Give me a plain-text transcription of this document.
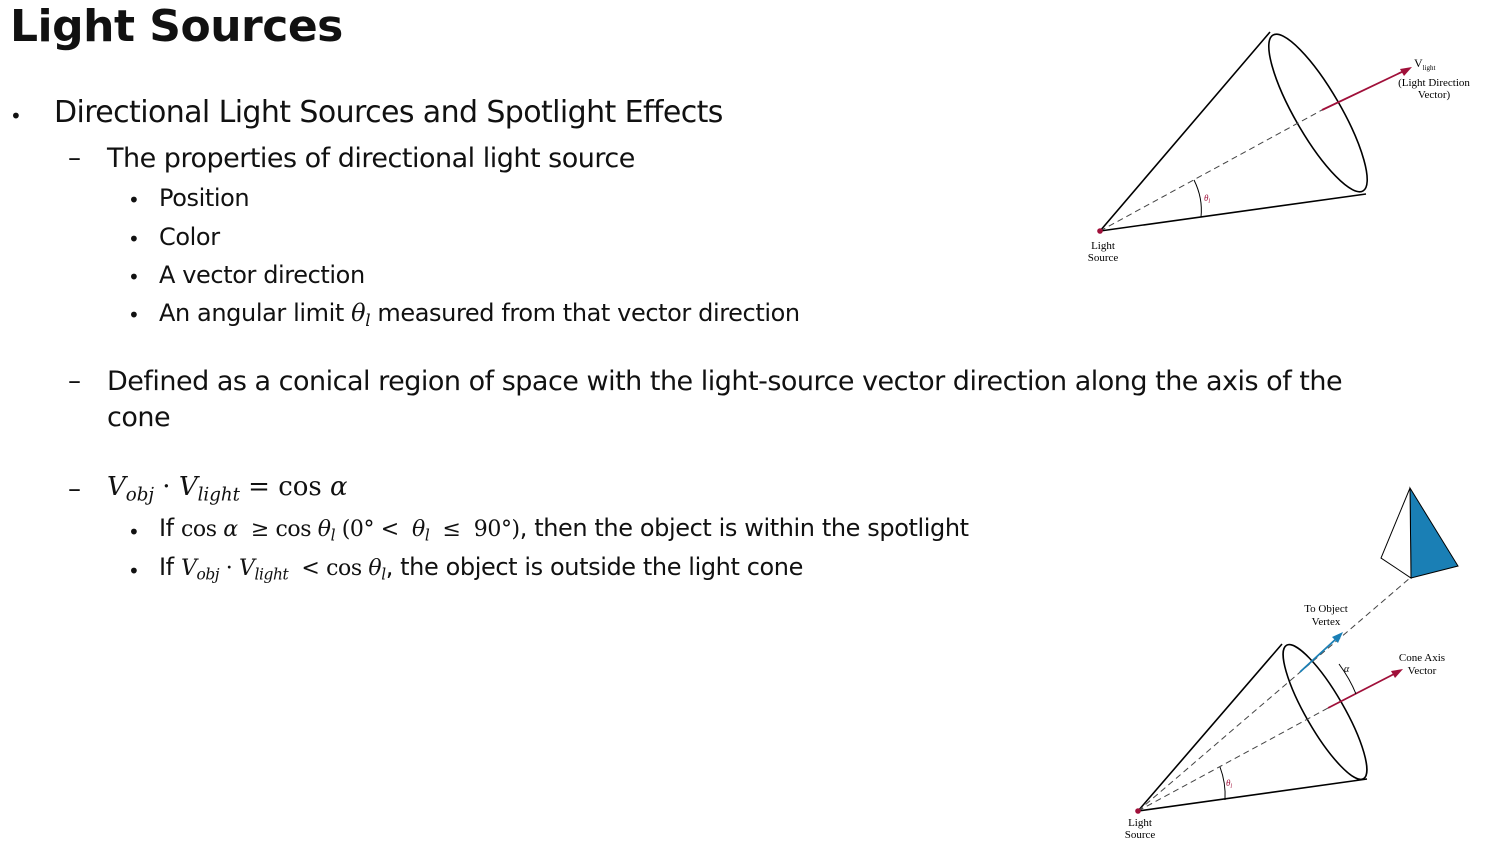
Light Sources
• Directional Light Sources and Spotlight Effects
– The properties of directional light source
• Position
• Color
• A vector direction
• An angular limit $\theta_l$ measured from that vector direction
– Defined as a conical region of space with the light-source vector direction along the axis of the
cone
– $V_{obj} \cdot V_{light} = \cos \alpha$
• If $\cos \alpha \ge \cos \theta_l$ $(0^\circ < \theta_l \le 90^\circ)$, then the object is within the spotlight
• If $V_{obj} \cdot V_{light} < \cos \theta_l$, the object is outside the light cone
$\theta_l$
$V_{light}$
(Light Direction
Vector)
Light
Source
α
$\theta_l$
To Object
Vertex
Cone Axis
Vector
Light
Source
